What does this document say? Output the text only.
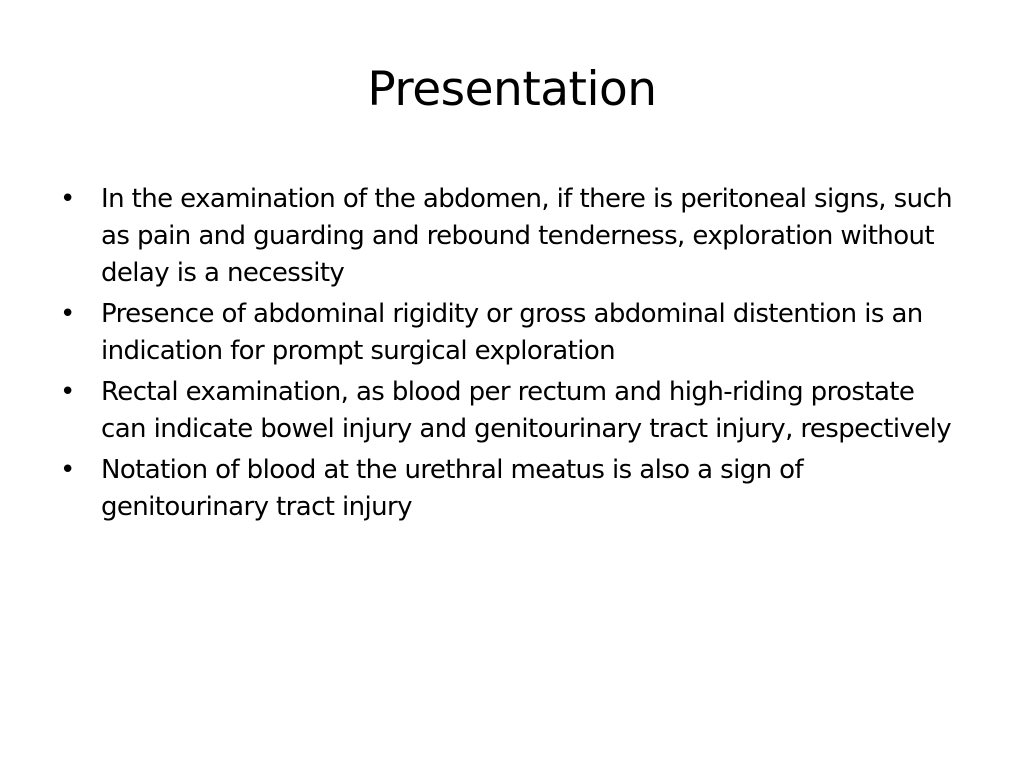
Presentation
• In the examination of the abdomen, if there is peritoneal signs, such as pain and guarding and rebound tenderness, exploration without delay is a necessity
• Presence of abdominal rigidity or gross abdominal distention is an indication for prompt surgical exploration
• Rectal examination, as blood per rectum and high-riding prostate can indicate bowel injury and genitourinary tract injury, respectively
• Notation of blood at the urethral meatus is also a sign of genitourinary tract injury
